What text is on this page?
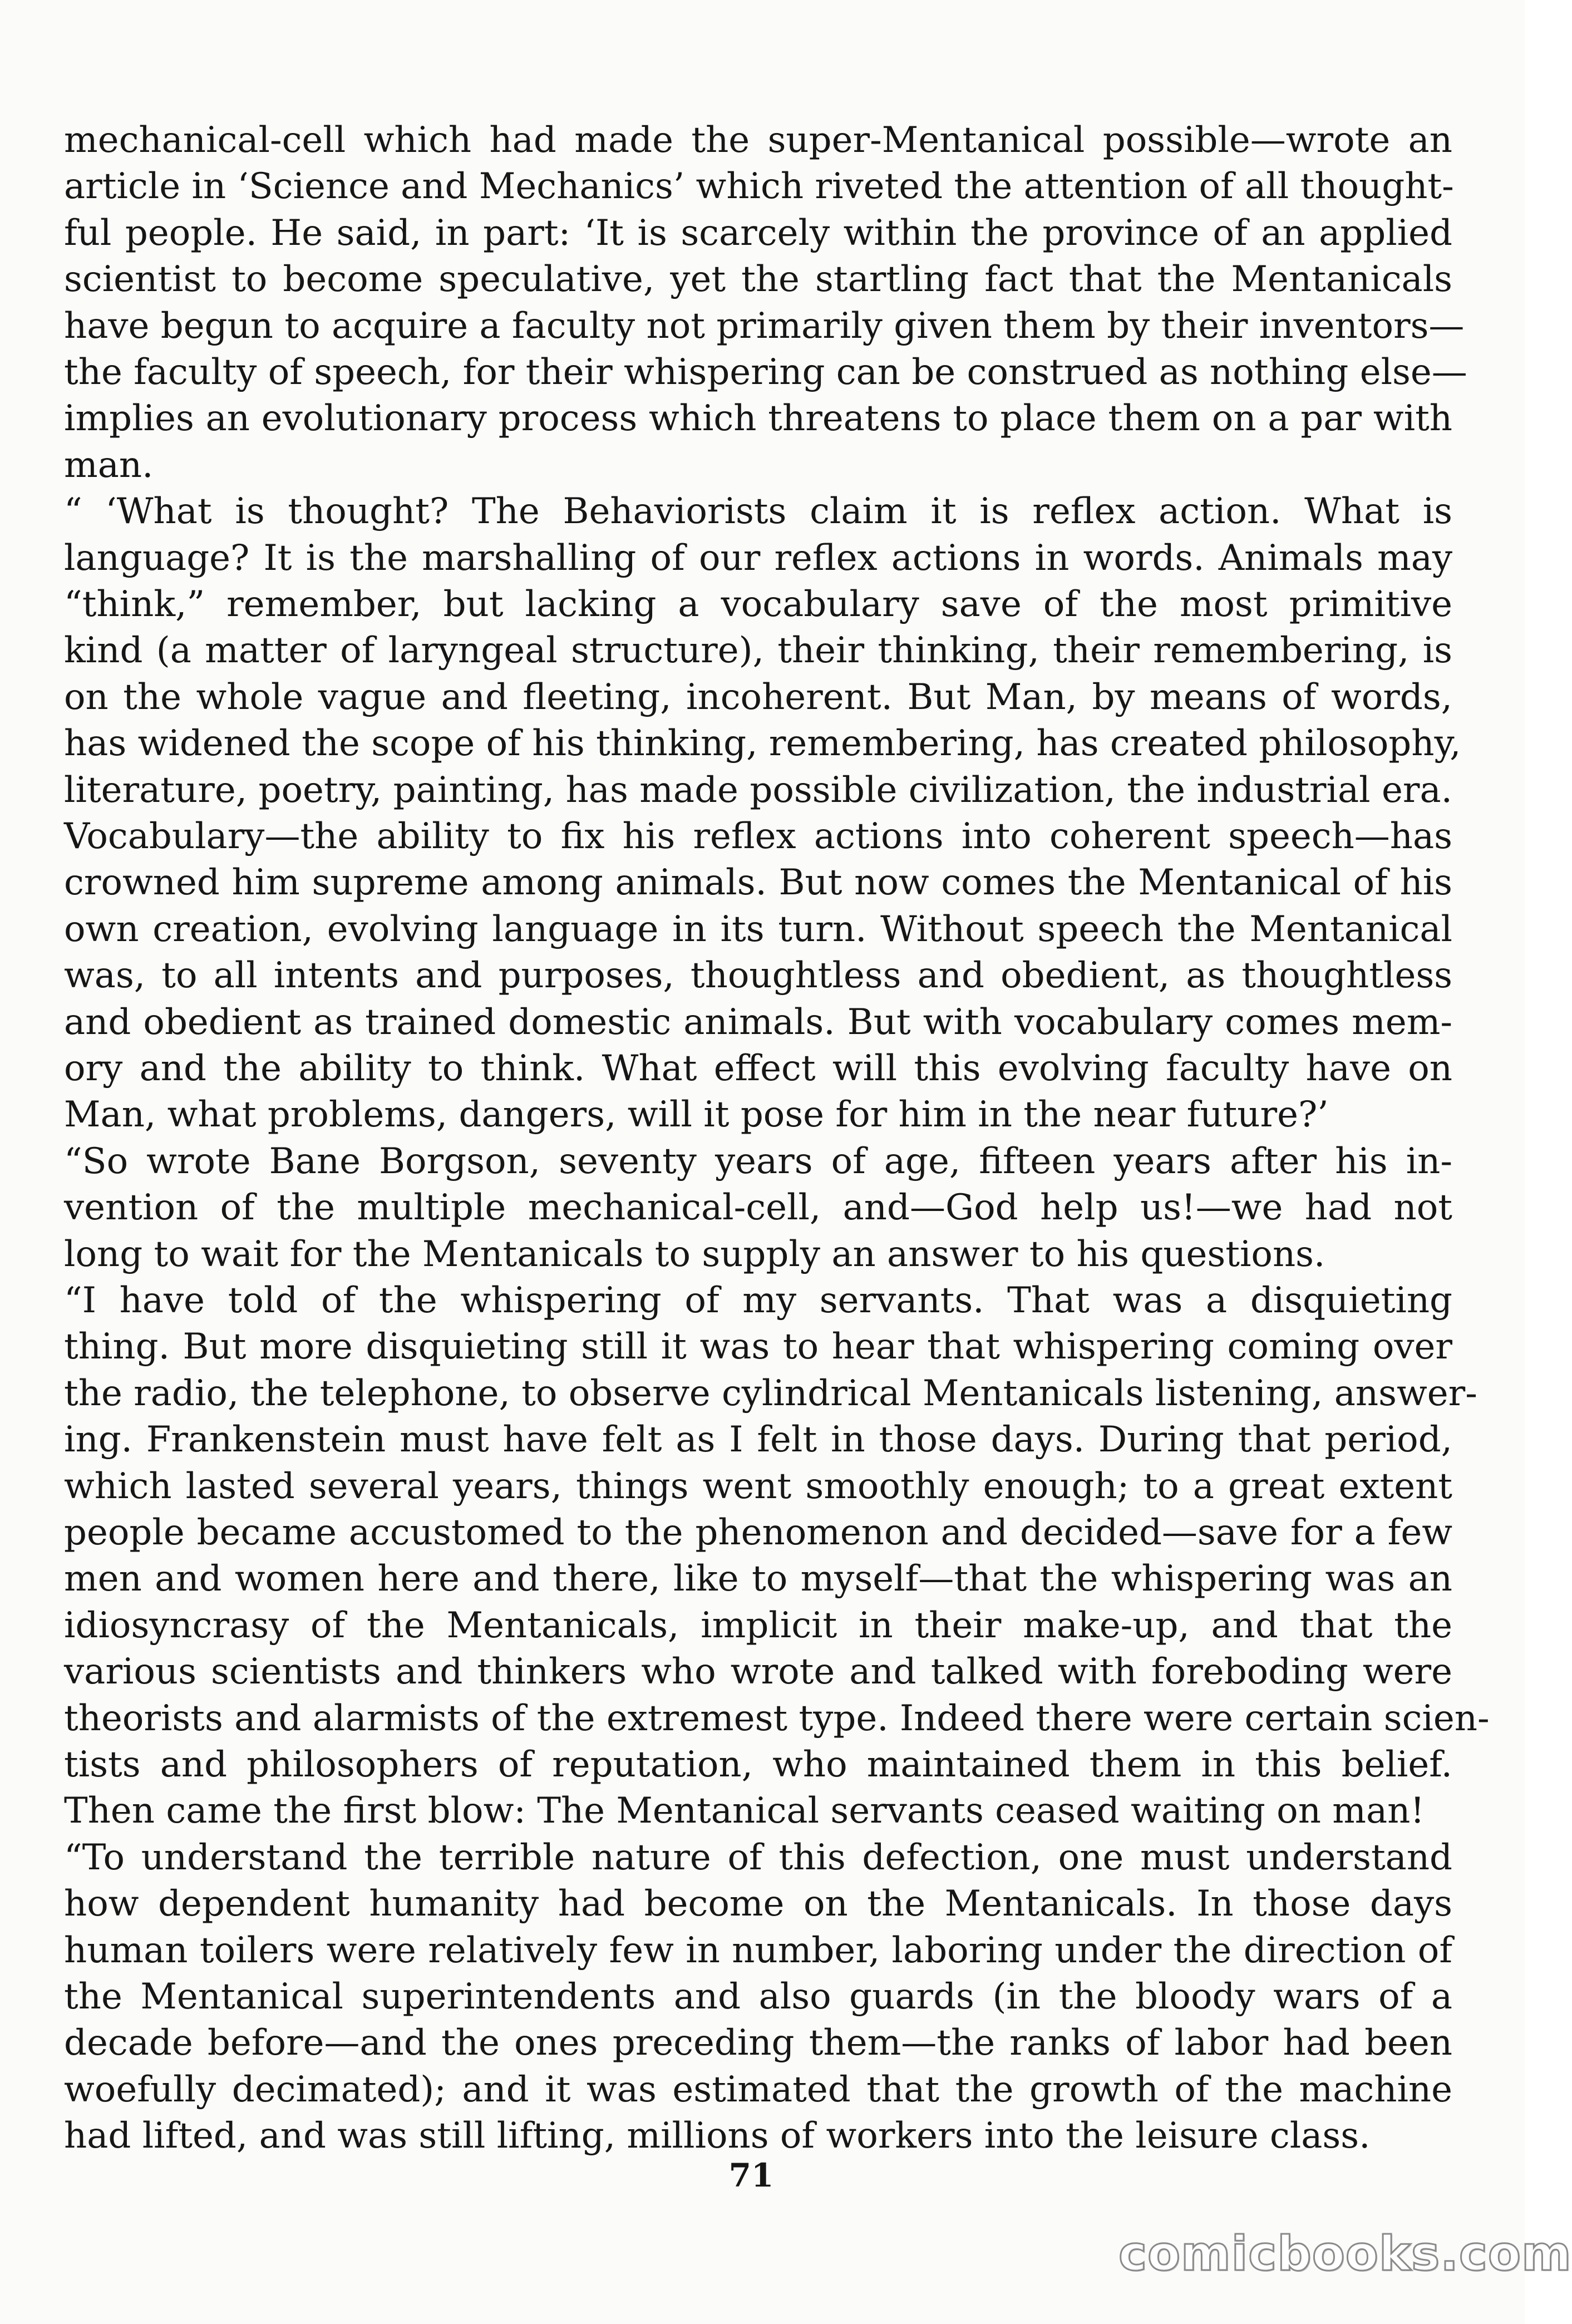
mechanical-cell which had made the super-Mentanical possible—wrote an
article in ‘Science and Mechanics’ which riveted the attention of all thought-
ful people. He said, in part: ‘It is scarcely within the province of an applied
scientist to become speculative, yet the startling fact that the Mentanicals
have begun to acquire a faculty not primarily given them by their inventors—
the faculty of speech, for their whispering can be construed as nothing else—
implies an evolutionary process which threatens to place them on a par with
man.
“ ‘What is thought? The Behaviorists claim it is reflex action. What is
language? It is the marshalling of our reflex actions in words. Animals may
“think,” remember, but lacking a vocabulary save of the most primitive
kind (a matter of laryngeal structure), their thinking, their remembering, is
on the whole vague and fleeting, incoherent. But Man, by means of words,
has widened the scope of his thinking, remembering, has created philosophy,
literature, poetry, painting, has made possible civilization, the industrial era.
Vocabulary—the ability to fix his reflex actions into coherent speech—has
crowned him supreme among animals. But now comes the Mentanical of his
own creation, evolving language in its turn. Without speech the Mentanical
was, to all intents and purposes, thoughtless and obedient, as thoughtless
and obedient as trained domestic animals. But with vocabulary comes mem-
ory and the ability to think. What effect will this evolving faculty have on
Man, what problems, dangers, will it pose for him in the near future?’
“So wrote Bane Borgson, seventy years of age, fifteen years after his in-
vention of the multiple mechanical-cell, and—God help us!—we had not
long to wait for the Mentanicals to supply an answer to his questions.
“I have told of the whispering of my servants. That was a disquieting
thing. But more disquieting still it was to hear that whispering coming over
the radio, the telephone, to observe cylindrical Mentanicals listening, answer-
ing. Frankenstein must have felt as I felt in those days. During that period,
which lasted several years, things went smoothly enough; to a great extent
people became accustomed to the phenomenon and decided—save for a few
men and women here and there, like to myself—that the whispering was an
idiosyncrasy of the Mentanicals, implicit in their make-up, and that the
various scientists and thinkers who wrote and talked with foreboding were
theorists and alarmists of the extremest type. Indeed there were certain scien-
tists and philosophers of reputation, who maintained them in this belief.
Then came the first blow: The Mentanical servants ceased waiting on man!
“To understand the terrible nature of this defection, one must understand
how dependent humanity had become on the Mentanicals. In those days
human toilers were relatively few in number, laboring under the direction of
the Mentanical superintendents and also guards (in the bloody wars of a
decade before—and the ones preceding them—the ranks of labor had been
woefully decimated); and it was estimated that the growth of the machine
had lifted, and was still lifting, millions of workers into the leisure class.
71
comicbooks.com
